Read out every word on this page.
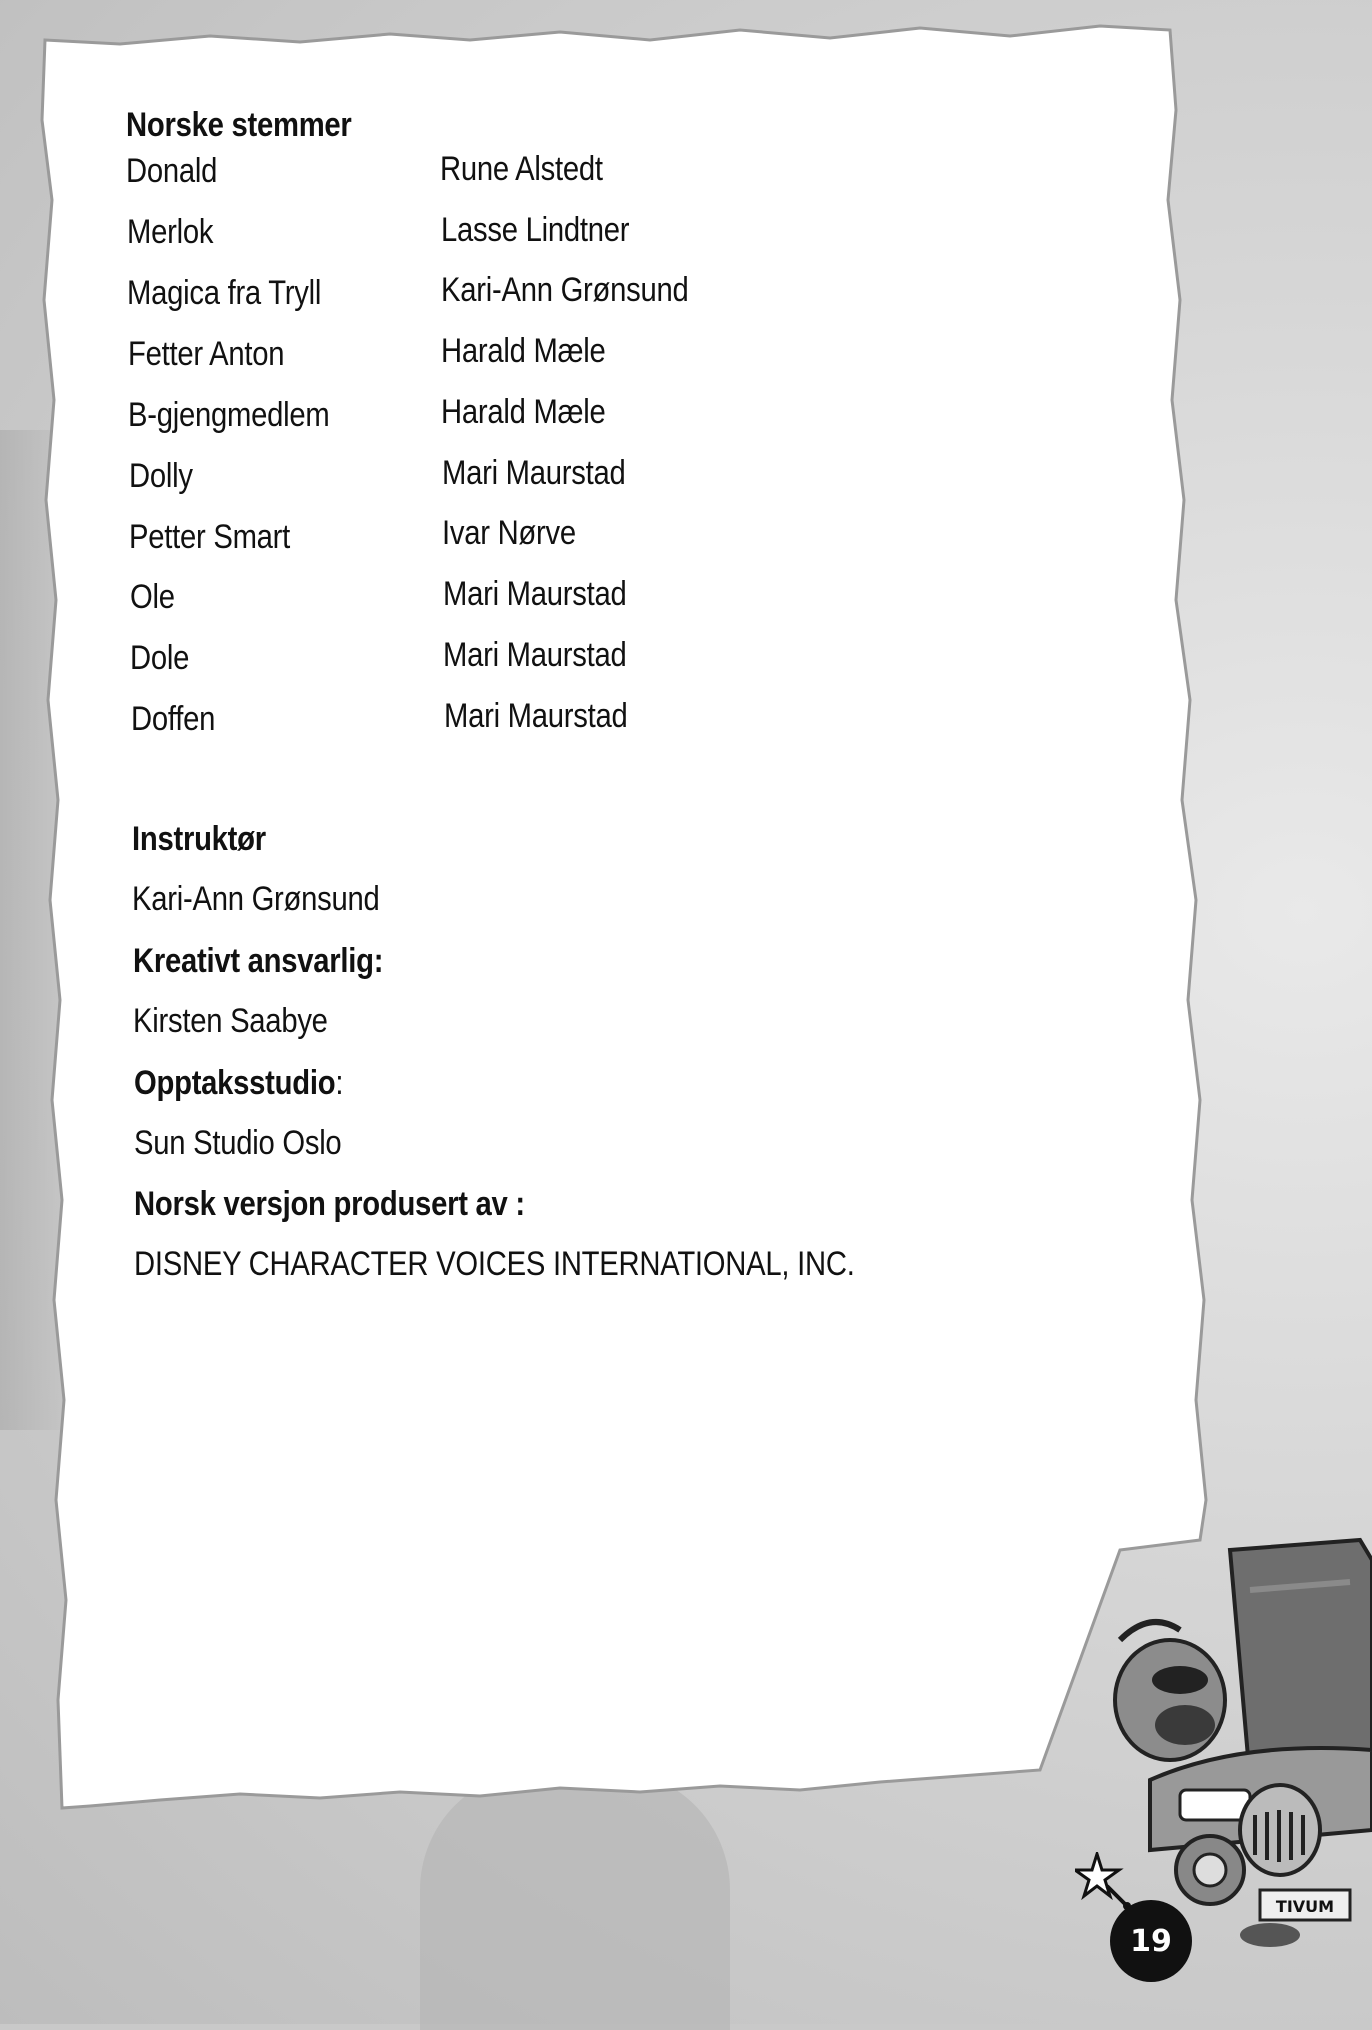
Norske stemmer
Donald	Rune Alstedt
Merlok	Lasse Lindtner
Magica fra Tryll	Kari-Ann Grønsund
Fetter Anton	Harald Mæle
B-gjengmedlem	Harald Mæle
Dolly	Mari Maurstad
Petter Smart	Ivar Nørve
Ole	Mari Maurstad
Dole	Mari Maurstad
Doffen	Mari Maurstad
Instruktør
Kari-Ann Grønsund
Kreativt ansvarlig:
Kirsten Saabye
Opptaksstudio:
Sun Studio Oslo
Norsk versjon produsert av :
DISNEY CHARACTER VOICES INTERNATIONAL, INC.
TIVUM
19
